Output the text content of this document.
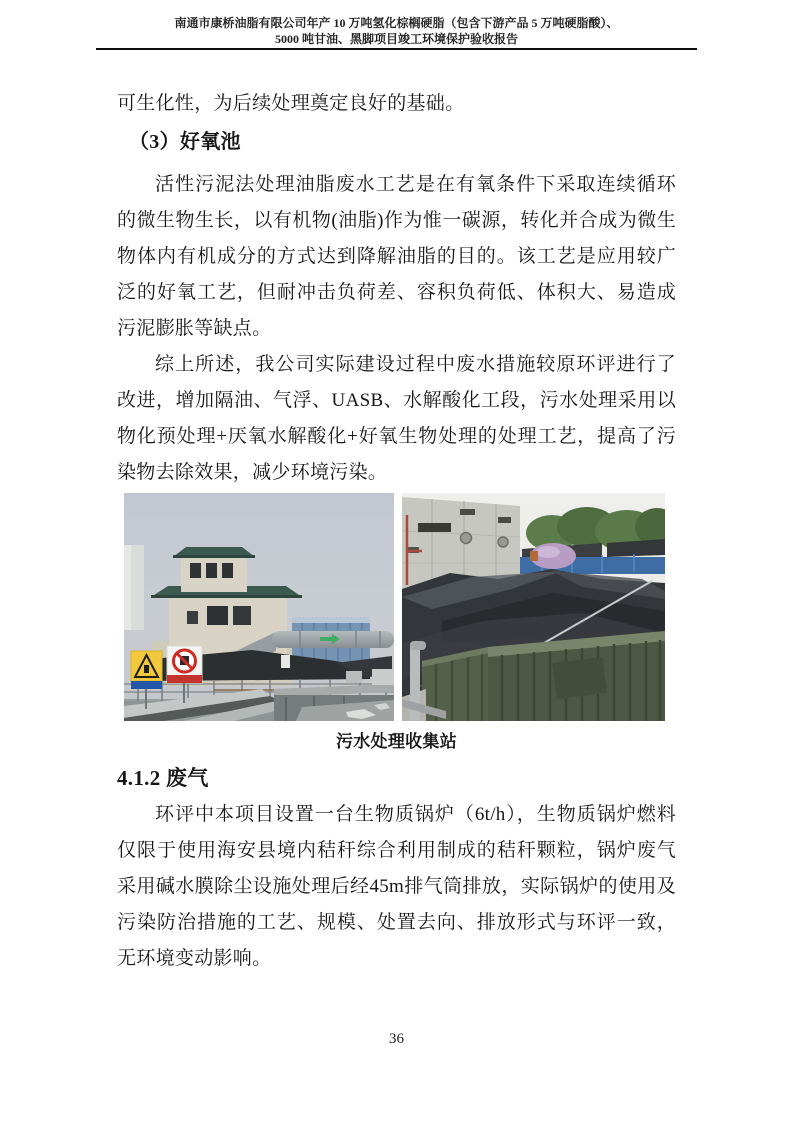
南通市康桥油脂有限公司年产 10 万吨氢化棕榈硬脂（包含下游产品 5 万吨硬脂酸）、
5000 吨甘油、黑脚项目竣工环境保护验收报告

可生化性，为后续处理奠定良好的基础。

（3）好氧池

活性污泥法处理油脂废水工艺是在有氧条件下采取连续循环的微生物生长，以有机物(油脂)作为惟一碳源，转化并合成为微生物体内有机成分的方式达到降解油脂的目的。该工艺是应用较广泛的好氧工艺，但耐冲击负荷差、容积负荷低、体积大、易造成污泥膨胀等缺点。

综上所述，我公司实际建设过程中废水措施较原环评进行了改进，增加隔油、气浮、UASB、水解酸化工段，污水处理采用以物化预处理+厌氧水解酸化+好氧生物处理的处理工艺，提高了污染物去除效果，减少环境污染。

污水处理收集站

4.1.2 废气

环评中本项目设置一台生物质锅炉（6t/h），生物质锅炉燃料仅限于使用海安县境内秸秆综合利用制成的秸秆颗粒，锅炉废气采用碱水膜除尘设施处理后经45m排气筒排放，实际锅炉的使用及污染防治措施的工艺、规模、处置去向、排放形式与环评一致，无环境变动影响。

36
